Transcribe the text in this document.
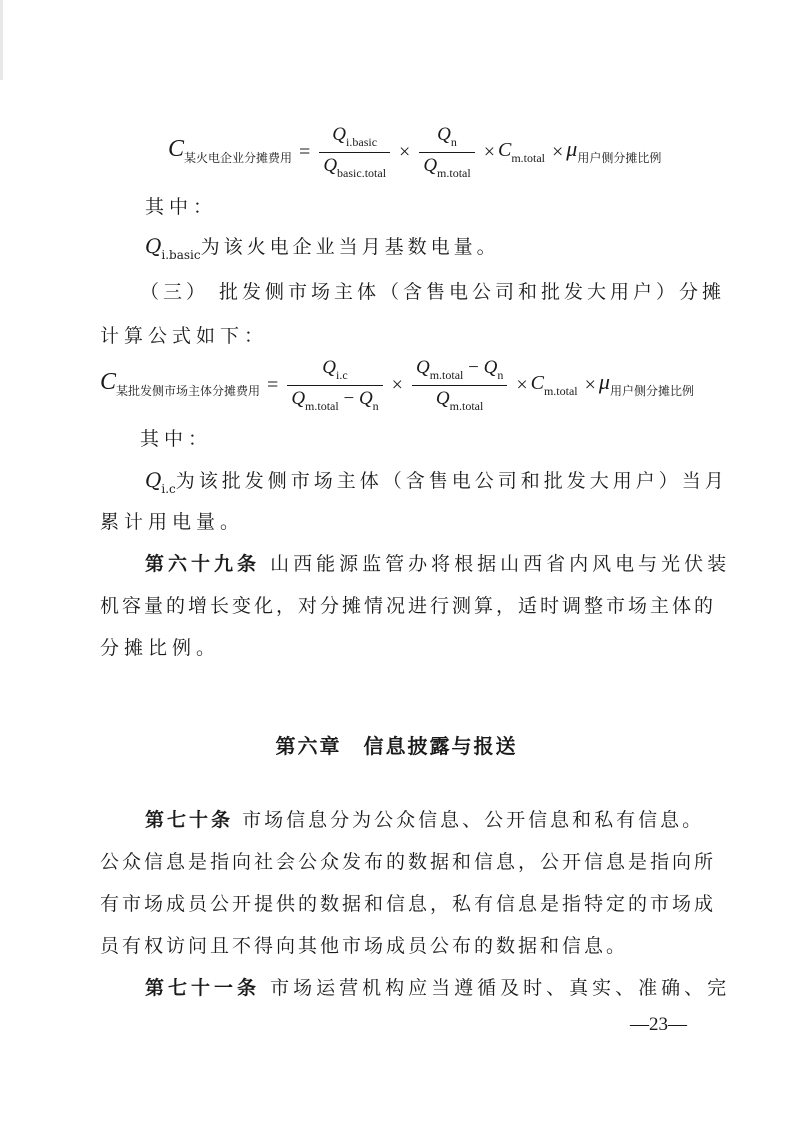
$C_{某火电企业分摊费用} = \frac{Q_{i.basic}}{Q_{basic.total}} \times \frac{Q_n}{Q_{m.total}} \times C_{m.total} \times \mu_{用户侧分摊比例}$
其中：
$Q_{i.basic}$为该火电企业当月基数电量。
（三） 批发侧市场主体（含售电公司和批发大用户）分摊
计算公式如下：
$C_{某批发侧市场主体分摊费用} = \frac{Q_{i.c}}{Q_{m.total} - Q_n} \times \frac{Q_{m.total} - Q_n}{Q_{m.total}} \times C_{m.total} \times \mu_{用户侧分摊比例}$
其中：
$Q_{i.c}$为该批发侧市场主体（含售电公司和批发大用户）当月
累计用电量。
第六十九条 山西能源监管办将根据山西省内风电与光伏装
机容量的增长变化，对分摊情况进行测算，适时调整市场主体的
分摊比例。
第六章　信息披露与报送
第七十条 市场信息分为公众信息、公开信息和私有信息。
公众信息是指向社会公众发布的数据和信息，公开信息是指向所
有市场成员公开提供的数据和信息，私有信息是指特定的市场成
员有权访问且不得向其他市场成员公布的数据和信息。
第七十一条 市场运营机构应当遵循及时、真实、准确、完
—23—
